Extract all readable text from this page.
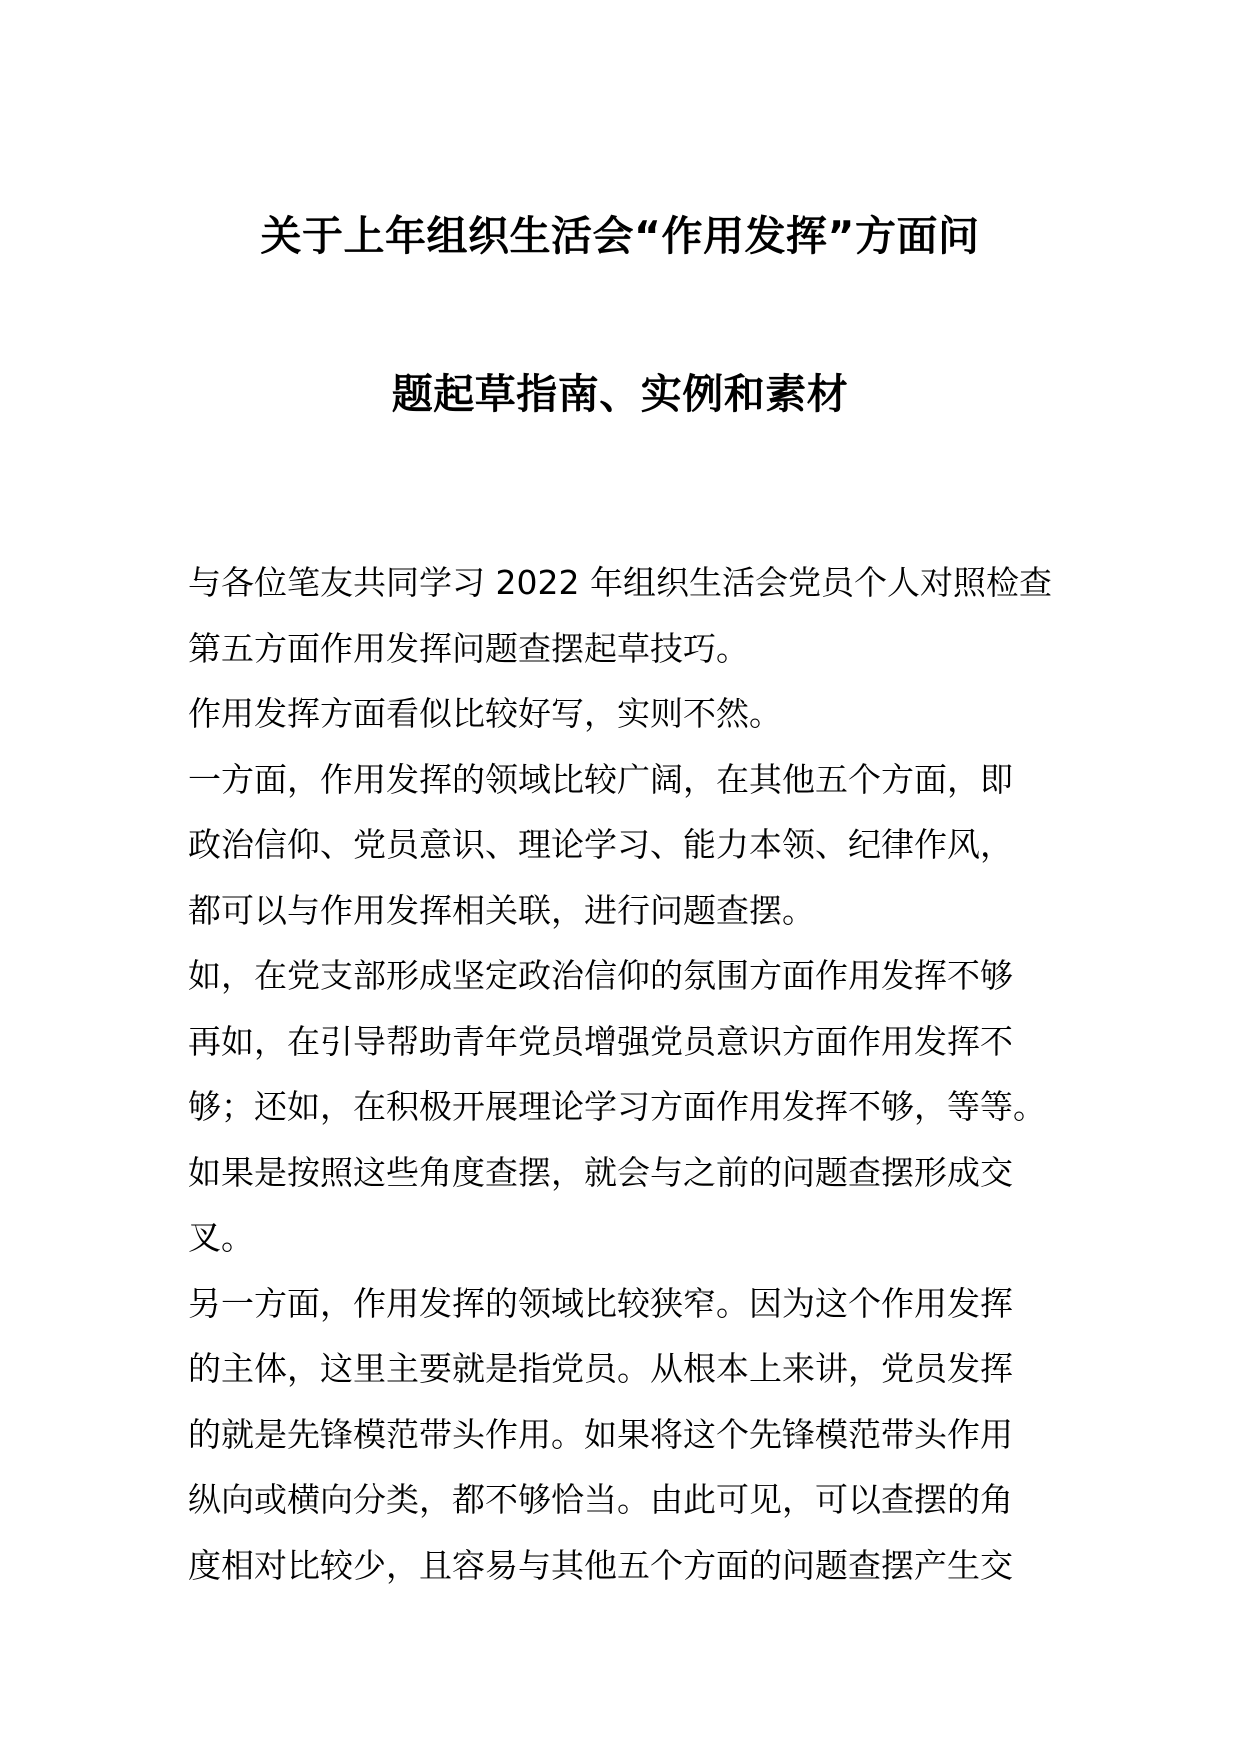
关于上年组织生活会“作用发挥”方面问
题起草指南、实例和素材
与各位笔友共同学习 2022 年组织生活会党员个人对照检查
第五方面作用发挥问题查摆起草技巧。
作用发挥方面看似比较好写，实则不然。
一方面，作用发挥的领域比较广阔，在其他五个方面，即
政治信仰、党员意识、理论学习、能力本领、纪律作风，
都可以与作用发挥相关联，进行问题查摆。
如，在党支部形成坚定政治信仰的氛围方面作用发挥不够
再如，在引导帮助青年党员增强党员意识方面作用发挥不
够；还如，在积极开展理论学习方面作用发挥不够，等等。
如果是按照这些角度查摆，就会与之前的问题查摆形成交
叉。
另一方面，作用发挥的领域比较狭窄。因为这个作用发挥
的主体，这里主要就是指党员。从根本上来讲，党员发挥
的就是先锋模范带头作用。如果将这个先锋模范带头作用
纵向或横向分类，都不够恰当。由此可见，可以查摆的角
度相对比较少，且容易与其他五个方面的问题查摆产生交
